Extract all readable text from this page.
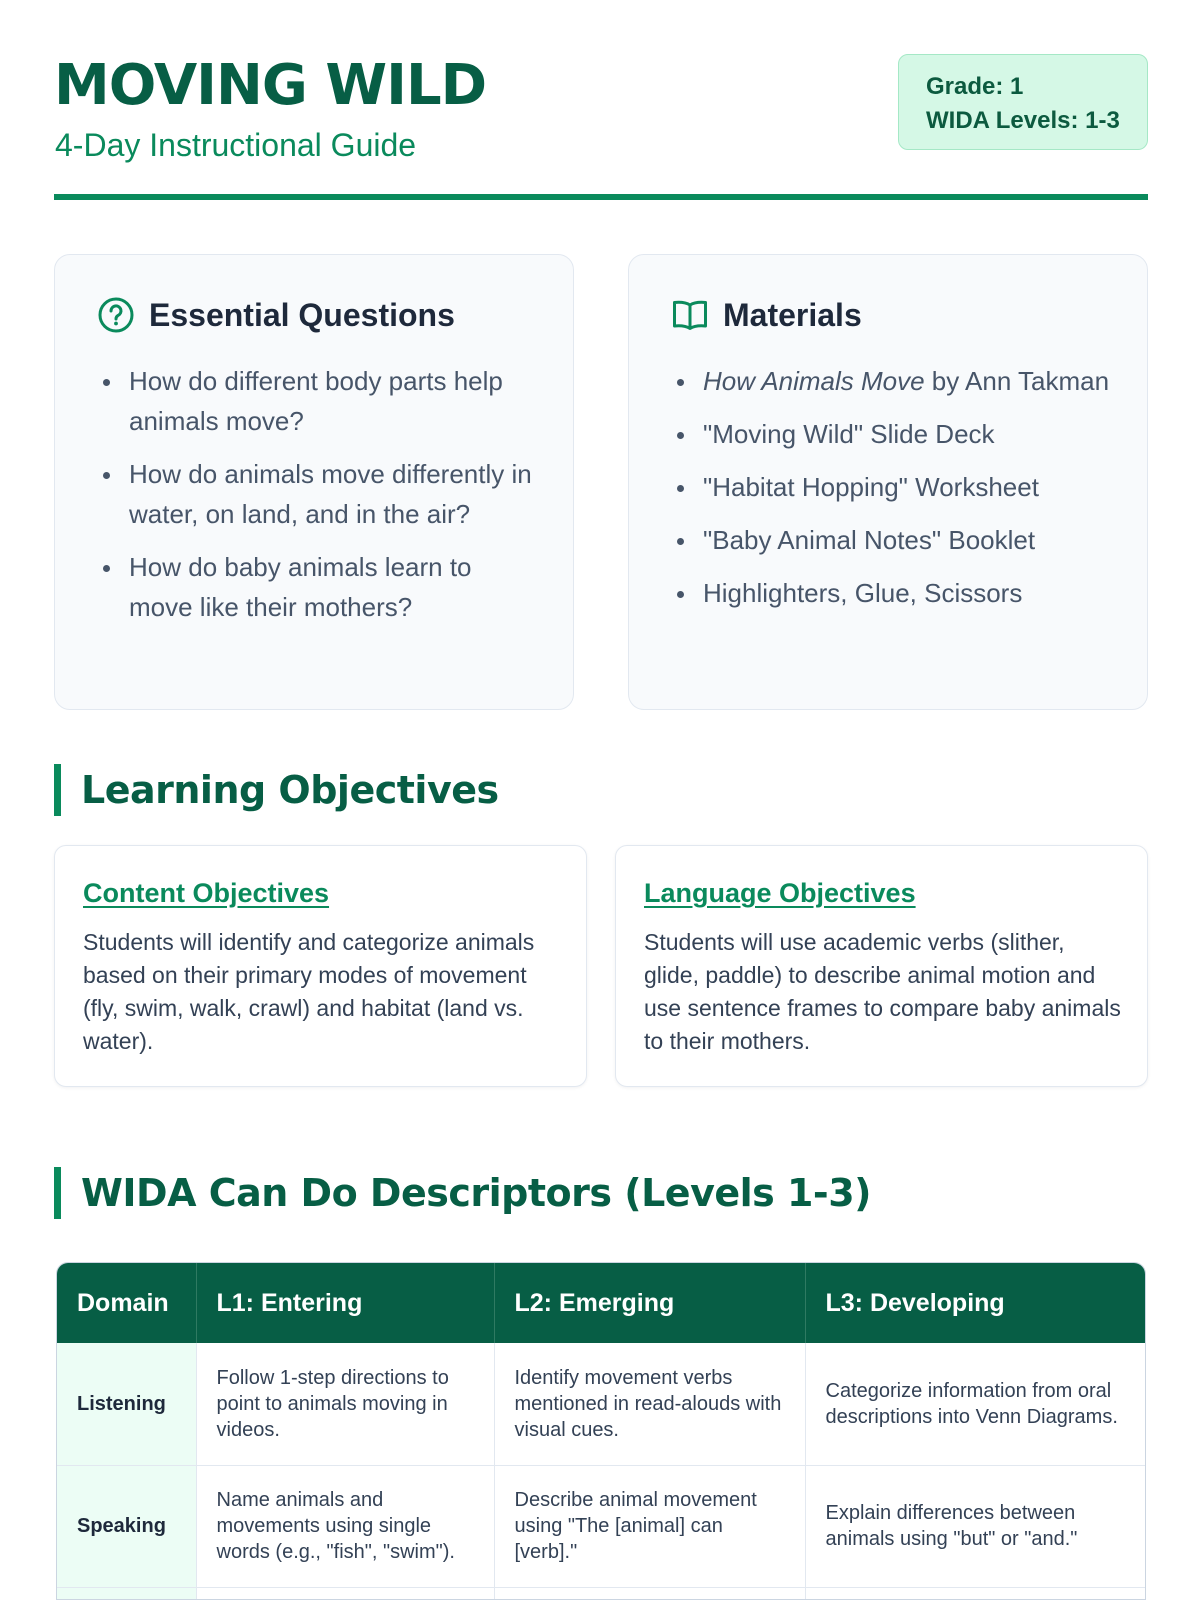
MOVING WILD
4-Day Instructional Guide
Grade: 1
WIDA Levels: 1-3
Essential Questions
How do different body parts help animals move?
How do animals move differently in water, on land, and in the air?
How do baby animals learn to move like their mothers?
Materials
How Animals Move by Ann Takman
"Moving Wild" Slide Deck
"Habitat Hopping" Worksheet
"Baby Animal Notes" Booklet
Highlighters, Glue, Scissors
Learning Objectives
Content Objectives
Students will identify and categorize animals based on their primary modes of movement (fly, swim, walk, crawl) and habitat (land vs. water).
Language Objectives
Students will use academic verbs (slither, glide, paddle) to describe animal motion and use sentence frames to compare baby animals to their mothers.
WIDA Can Do Descriptors (Levels 1-3)
Domain	L1: Entering	L2: Emerging	L3: Developing
Listening	Follow 1-step directions to point to animals moving in videos.	Identify movement verbs mentioned in read-alouds with visual cues.	Categorize information from oral descriptions into Venn Diagrams.
Speaking	Name animals and movements using single words (e.g., "fish", "swim").	Describe animal movement using "The [animal] can [verb]."	Explain differences between animals using "but" or "and."
